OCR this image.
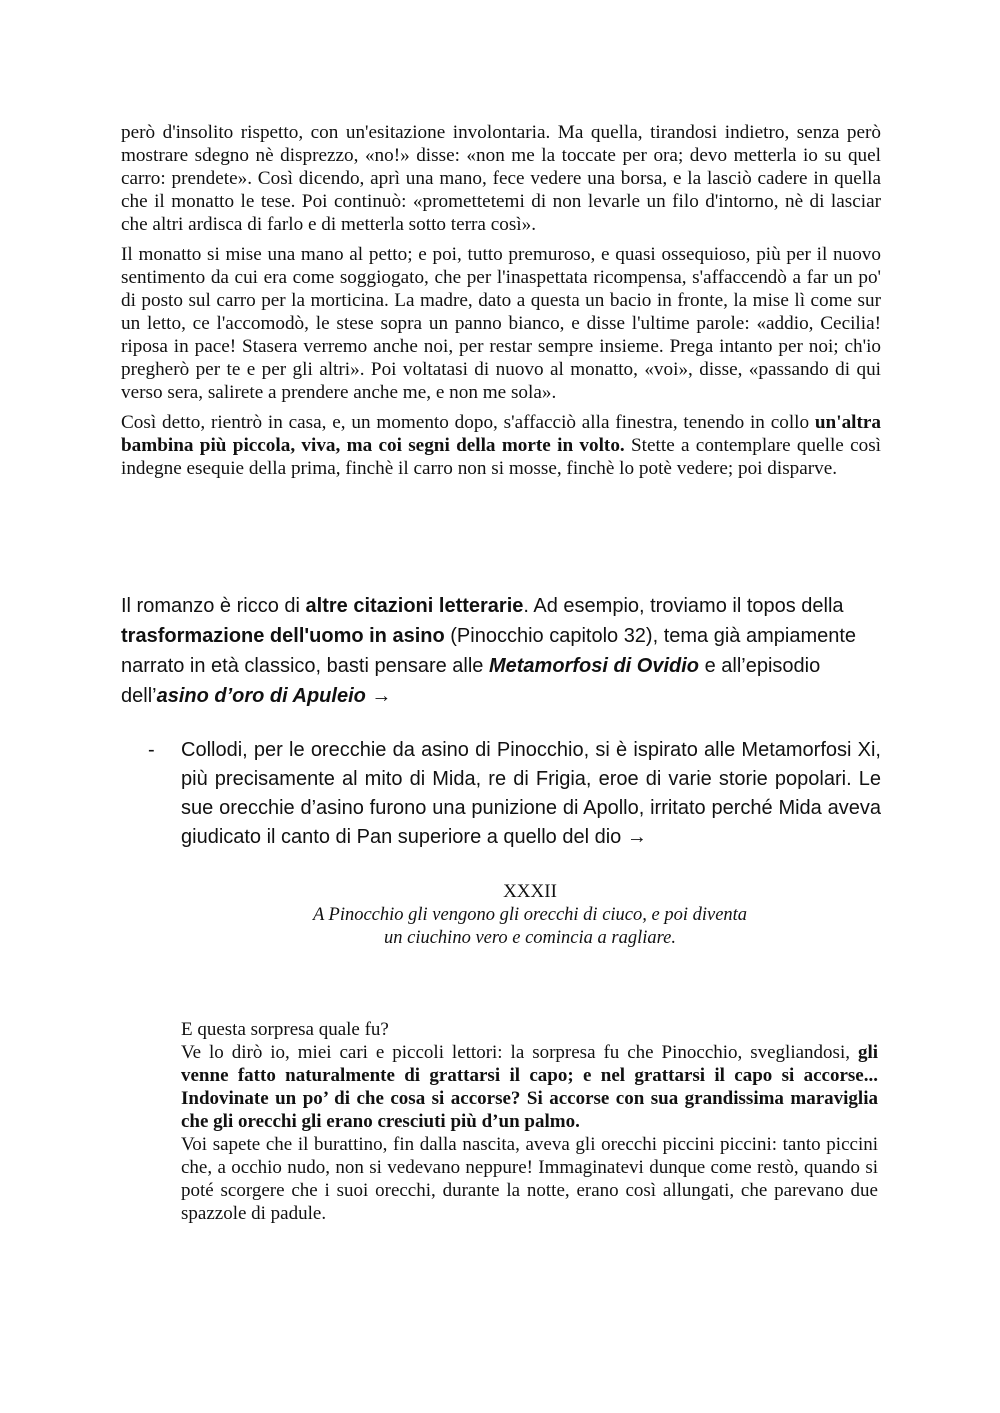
però d'insolito rispetto, con un'esitazione involontaria. Ma quella, tirandosi indietro, senza però mostrare sdegno nè disprezzo, «no!» disse: «non me la toccate per ora; devo metterla io su quel carro: prendete». Così dicendo, aprì una mano, fece vedere una borsa, e la lasciò cadere in quella che il monatto le tese. Poi continuò: «promettetemi di non levarle un filo d'intorno, nè di lasciar che altri ardisca di farlo e di metterla sotto terra così».

Il monatto si mise una mano al petto; e poi, tutto premuroso, e quasi ossequioso, più per il nuovo sentimento da cui era come soggiogato, che per l'inaspettata ricompensa, s'affaccendò a far un po' di posto sul carro per la morticina. La madre, dato a questa un bacio in fronte, la mise lì come sur un letto, ce l'accomodò, le stese sopra un panno bianco, e disse l'ultime parole: «addio, Cecilia! riposa in pace! Stasera verremo anche noi, per restar sempre insieme. Prega intanto per noi; ch'io pregherò per te e per gli altri». Poi voltatasi di nuovo al monatto, «voi», disse, «passando di qui verso sera, salirete a prendere anche me, e non me sola».

Così detto, rientrò in casa, e, un momento dopo, s'affacciò alla finestra, tenendo in collo un'altra bambina più piccola, viva, ma coi segni della morte in volto. Stette a contemplare quelle così indegne esequie della prima, finchè il carro non si mosse, finchè lo potè vedere; poi disparve.

Il romanzo è ricco di altre citazioni letterarie. Ad esempio, troviamo il topos della trasformazione dell'uomo in asino (Pinocchio capitolo 32), tema già ampiamente narrato in età classico, basti pensare alle Metamorfosi di Ovidio e all’episodio dell’asino d’oro di Apuleio →

- Collodi, per le orecchie da asino di Pinocchio, si è ispirato alle Metamorfosi Xi, più precisamente al mito di Mida, re di Frigia, eroe di varie storie popolari. Le sue orecchie d’asino furono una punizione di Apollo, irritato perché Mida aveva giudicato il canto di Pan superiore a quello del dio →
XXXII
A Pinocchio gli vengono gli orecchi di ciuco, e poi diventa
un ciuchino vero e comincia a ragliare.

E questa sorpresa quale fu?

Ve lo dirò io, miei cari e piccoli lettori: la sorpresa fu che Pinocchio, svegliandosi, gli venne fatto naturalmente di grattarsi il capo; e nel grattarsi il capo si accorse... Indovinate un po’ di che cosa si accorse? Si accorse con sua grandissima maraviglia che gli orecchi gli erano cresciuti più d’un palmo.

Voi sapete che il burattino, fin dalla nascita, aveva gli orecchi piccini piccini: tanto piccini che, a occhio nudo, non si vedevano neppure! Immaginatevi dunque come restò, quando si poté scorgere che i suoi orecchi, durante la notte, erano così allungati, che parevano due spazzole di padule.
